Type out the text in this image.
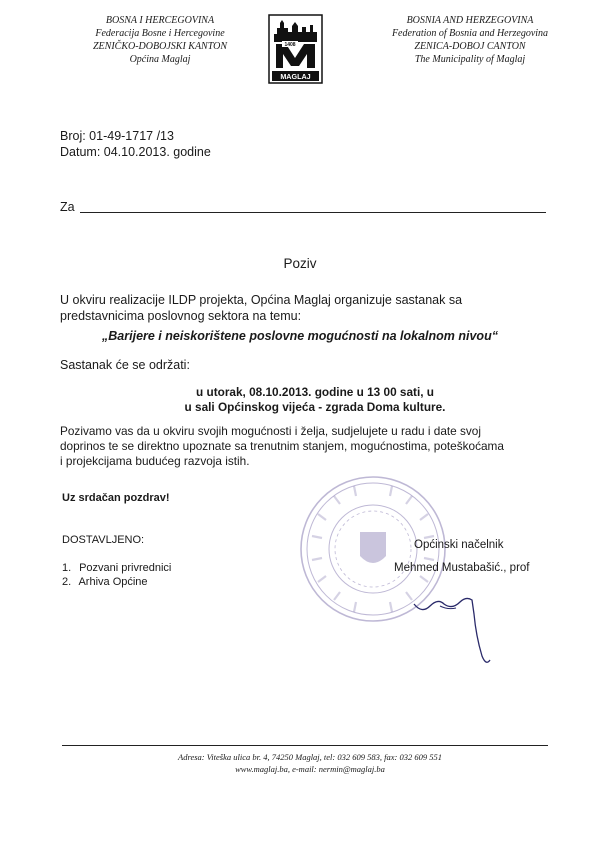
BOSNA I HERCEGOVINA
Federacija Bosne i Hercegovine
ZENIČKO-DOBOJSKI KANTON
Općina Maglaj
1408
MAGLAJ
BOSNIA AND HERZEGOVINA
Federation of Bosnia and Herzegovina
ZENICA-DOBOJ CANTON
The Municipality of Maglaj
Broj: 01-49-1717 /13
Datum: 04.10.2013. godine
Za
Poziv
U okviru realizacije ILDP projekta, Općina Maglaj organizuje sastanak sa
predstavnicima poslovnog sektora na temu:
„Barijere i neiskorištene poslovne mogućnosti na lokalnom nivou“
Sastanak će se održati:
u utorak, 08.10.2013. godine u 13 00 sati, u
u sali Općinskog vijeća - zgrada Doma kulture.
Pozivamo vas da u okviru svojih mogućnosti i želja, sudjelujete u radu i date svoj
doprinos te se direktno upoznate sa trenutnim stanjem, mogućnostima, poteškoćama
i projekcijama budućeg razvoja istih.
Uz srdačan pozdrav!
DOSTAVLJENO:
1. Pozvani privrednici
2. Arhiva Općine
Općinski načelnik
Mehmed Mustabašić., prof
Adresa: Viteška ulica br. 4, 74250 Maglaj, tel: 032 609 583, fax: 032 609 551
www.maglaj.ba, e-mail: nermin@maglaj.ba
